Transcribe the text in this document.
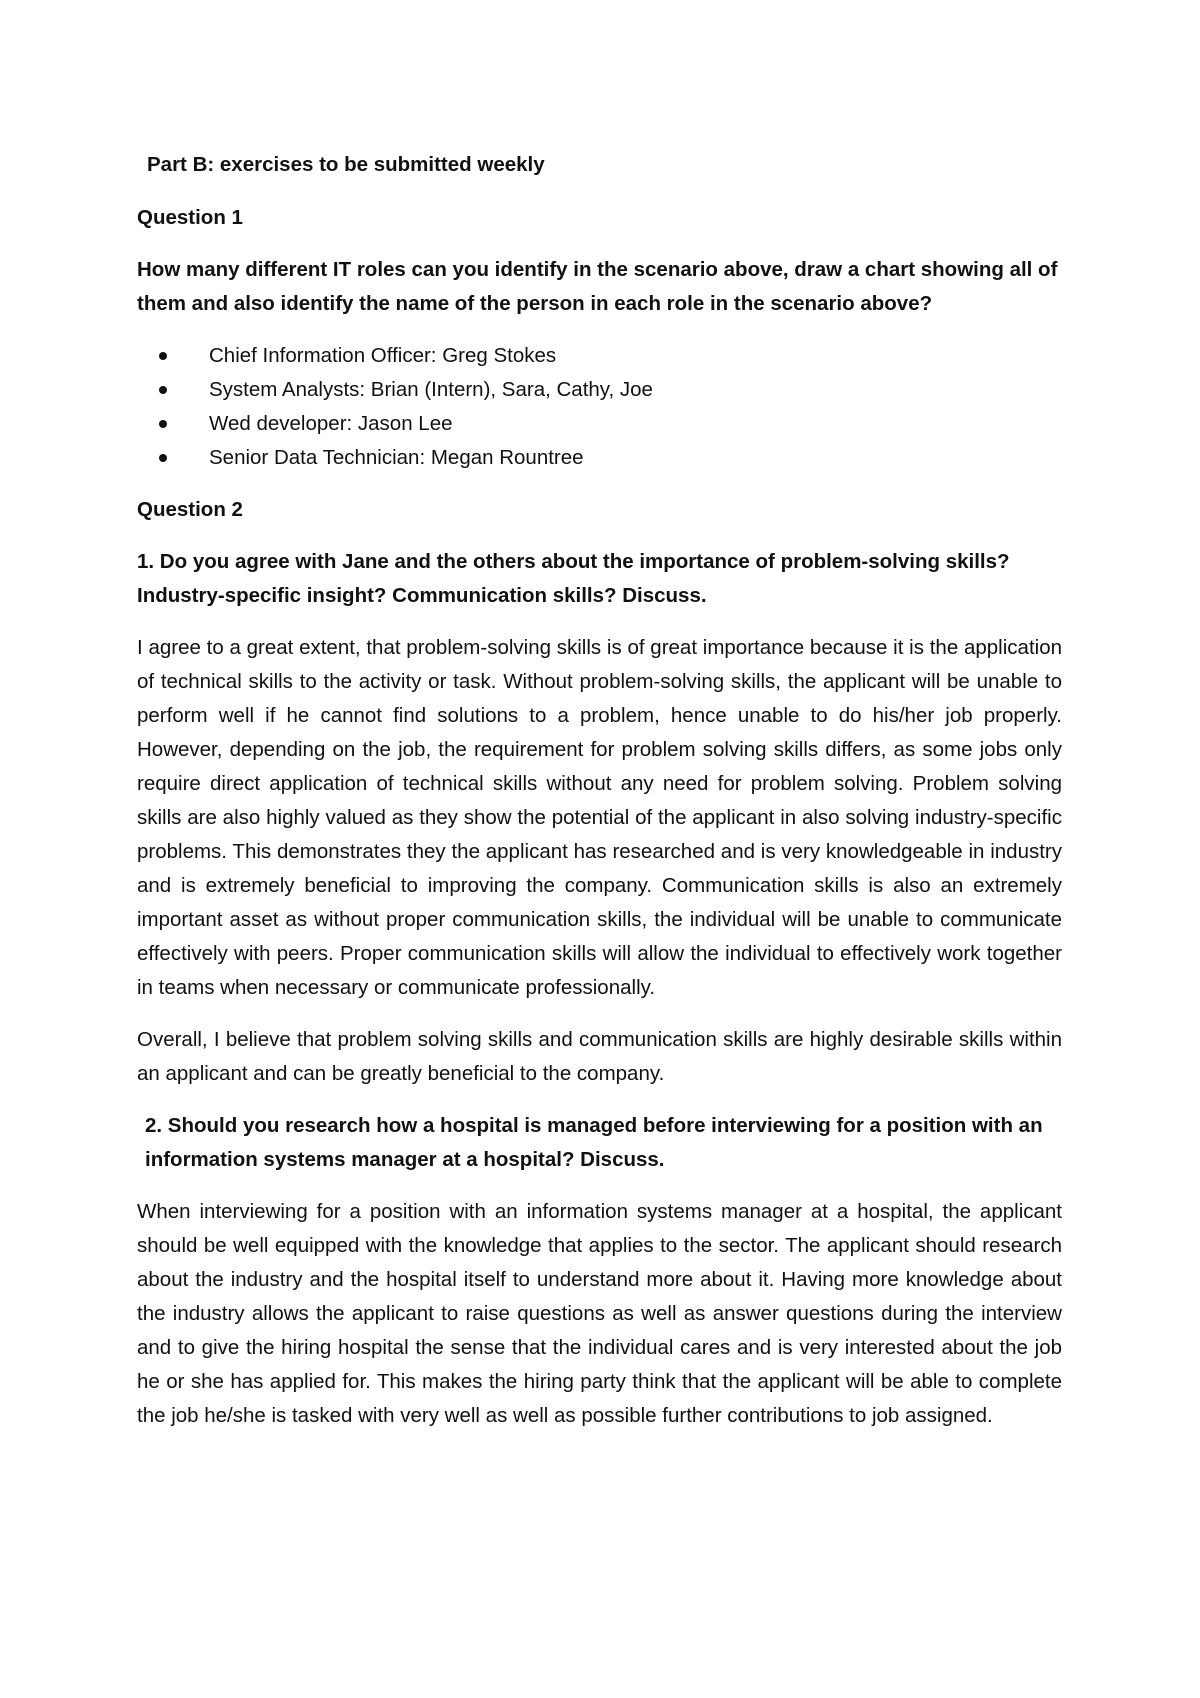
Part B: exercises to be submitted weekly

Question 1

How many different IT roles can you identify in the scenario above, draw a chart showing all of them and also identify the name of the person in each role in the scenario above?

Chief Information Officer: Greg Stokes
System Analysts: Brian (Intern), Sara, Cathy, Joe
Wed developer: Jason Lee
Senior Data Technician: Megan Rountree

Question 2

1. Do you agree with Jane and the others about the importance of problem-solving skills? Industry-specific insight? Communication skills? Discuss.

I agree to a great extent, that problem-solving skills is of great importance because it is the application of technical skills to the activity or task. Without problem-solving skills, the applicant will be unable to perform well if he cannot find solutions to a problem, hence unable to do his/her job properly. However, depending on the job, the requirement for problem solving skills differs, as some jobs only require direct application of technical skills without any need for problem solving. Problem solving skills are also highly valued as they show the potential of the applicant in also solving industry-specific problems. This demonstrates they the applicant has researched and is very knowledgeable in industry and is extremely beneficial to improving the company. Communication skills is also an extremely important asset as without proper communication skills, the individual will be unable to communicate effectively with peers. Proper communication skills will allow the individual to effectively work together in teams when necessary or communicate professionally.

Overall, I believe that problem solving skills and communication skills are highly desirable skills within an applicant and can be greatly beneficial to the company.

2. Should you research how a hospital is managed before interviewing for a position with an information systems manager at a hospital? Discuss.

When interviewing for a position with an information systems manager at a hospital, the applicant should be well equipped with the knowledge that applies to the sector. The applicant should research about the industry and the hospital itself to understand more about it. Having more knowledge about the industry allows the applicant to raise questions as well as answer questions during the interview and to give the hiring hospital the sense that the individual cares and is very interested about the job he or she has applied for. This makes the hiring party think that the applicant will be able to complete the job he/she is tasked with very well as well as possible further contributions to job assigned.
